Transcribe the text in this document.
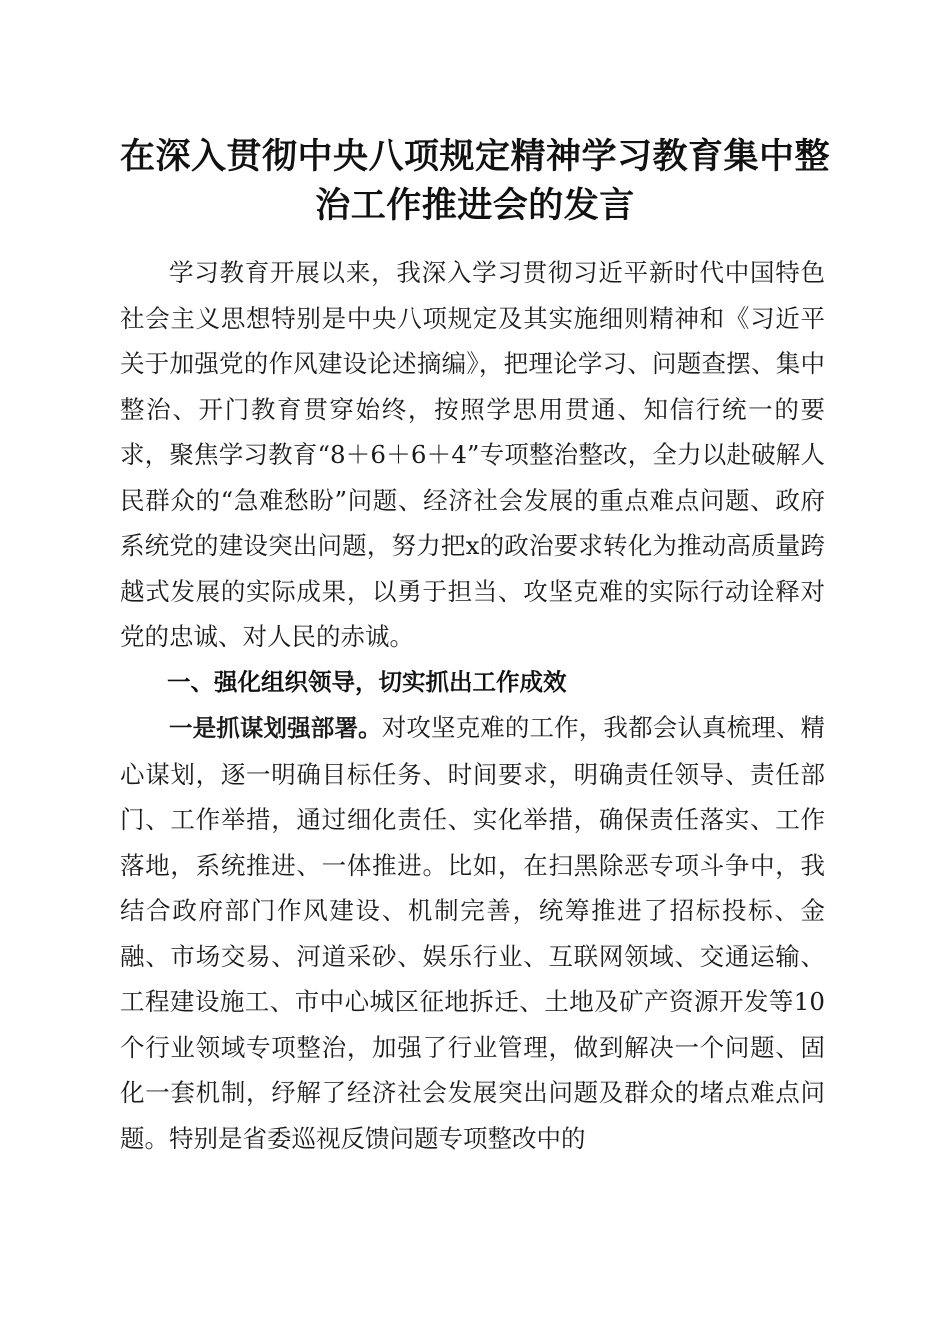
在深入贯彻中央八项规定精神学习教育集中整
治工作推进会的发言

学习教育开展以来，我深入学习贯彻习近平新时代中国特色社会主义思想特别是中央八项规定及其实施细则精神和《习近平关于加强党的作风建设论述摘编》，把理论学习、问题查摆、集中整治、开门教育贯穿始终，按照学思用贯通、知信行统一的要求，聚焦学习教育“8＋6＋6＋4”专项整治整改，全力以赴破解人民群众的“急难愁盼”问题、经济社会发展的重点难点问题、政府系统党的建设突出问题，努力把x的政治要求转化为推动高质量跨越式发展的实际成果，以勇于担当、攻坚克难的实际行动诠释对党的忠诚、对人民的赤诚。

一、强化组织领导，切实抓出工作成效

一是抓谋划强部署。对攻坚克难的工作，我都会认真梳理、精心谋划，逐一明确目标任务、时间要求，明确责任领导、责任部门、工作举措，通过细化责任、实化举措，确保责任落实、工作落地，系统推进、一体推进。比如，在扫黑除恶专项斗争中，我结合政府部门作风建设、机制完善，统筹推进了招标投标、金融、市场交易、河道采砂、娱乐行业、互联网领域、交通运输、工程建设施工、市中心城区征地拆迁、土地及矿产资源开发等10个行业领域专项整治，加强了行业管理，做到解决一个问题、固化一套机制，纾解了经济社会发展突出问题及群众的堵点难点问题。特别是省委巡视反馈问题专项整改中的
